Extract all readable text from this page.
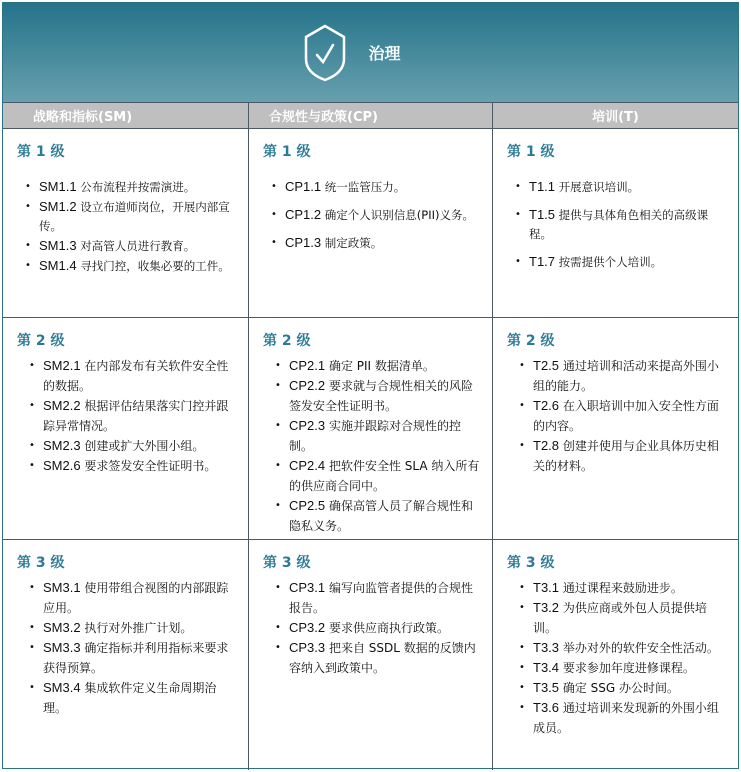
治理
战略和指标(SM)	合规性与政策(CP)	培训(T)
第 1 级
• SM1.1 公布流程并按需演进。
• SM1.2 设立布道师岗位，开展内部宣传。
• SM1.3 对高管人员进行教育。
• SM1.4 寻找门控，收集必要的工件。
第 1 级
• CP1.1 统一监管压力。
• CP1.2 确定个人识别信息(PII)义务。
• CP1.3 制定政策。
第 1 级
• T1.1 开展意识培训。
• T1.5 提供与具体角色相关的高级课程。
• T1.7 按需提供个人培训。
第 2 级
• SM2.1 在内部发布有关软件安全性的数据。
• SM2.2 根据评估结果落实门控并跟踪异常情况。
• SM2.3 创建或扩大外围小组。
• SM2.6 要求签发安全性证明书。
第 2 级
• CP2.1 确定 PII 数据清单。
• CP2.2 要求就与合规性相关的风险签发安全性证明书。
• CP2.3 实施并跟踪对合规性的控制。
• CP2.4 把软件安全性 SLA 纳入所有的供应商合同中。
• CP2.5 确保高管人员了解合规性和隐私义务。
第 2 级
• T2.5 通过培训和活动来提高外围小组的能力。
• T2.6 在入职培训中加入安全性方面的内容。
• T2.8 创建并使用与企业具体历史相关的材料。
第 3 级
• SM3.1 使用带组合视图的内部跟踪应用。
• SM3.2 执行对外推广计划。
• SM3.3 确定指标并利用指标来要求获得预算。
• SM3.4 集成软件定义生命周期治理。
第 3 级
• CP3.1 编写向监管者提供的合规性报告。
• CP3.2 要求供应商执行政策。
• CP3.3 把来自 SSDL 数据的反馈内容纳入到政策中。
第 3 级
• T3.1 通过课程来鼓励进步。
• T3.2 为供应商或外包人员提供培训。
• T3.3 举办对外的软件安全性活动。
• T3.4 要求参加年度进修课程。
• T3.5 确定 SSG 办公时间。
• T3.6 通过培训来发现新的外围小组成员。
